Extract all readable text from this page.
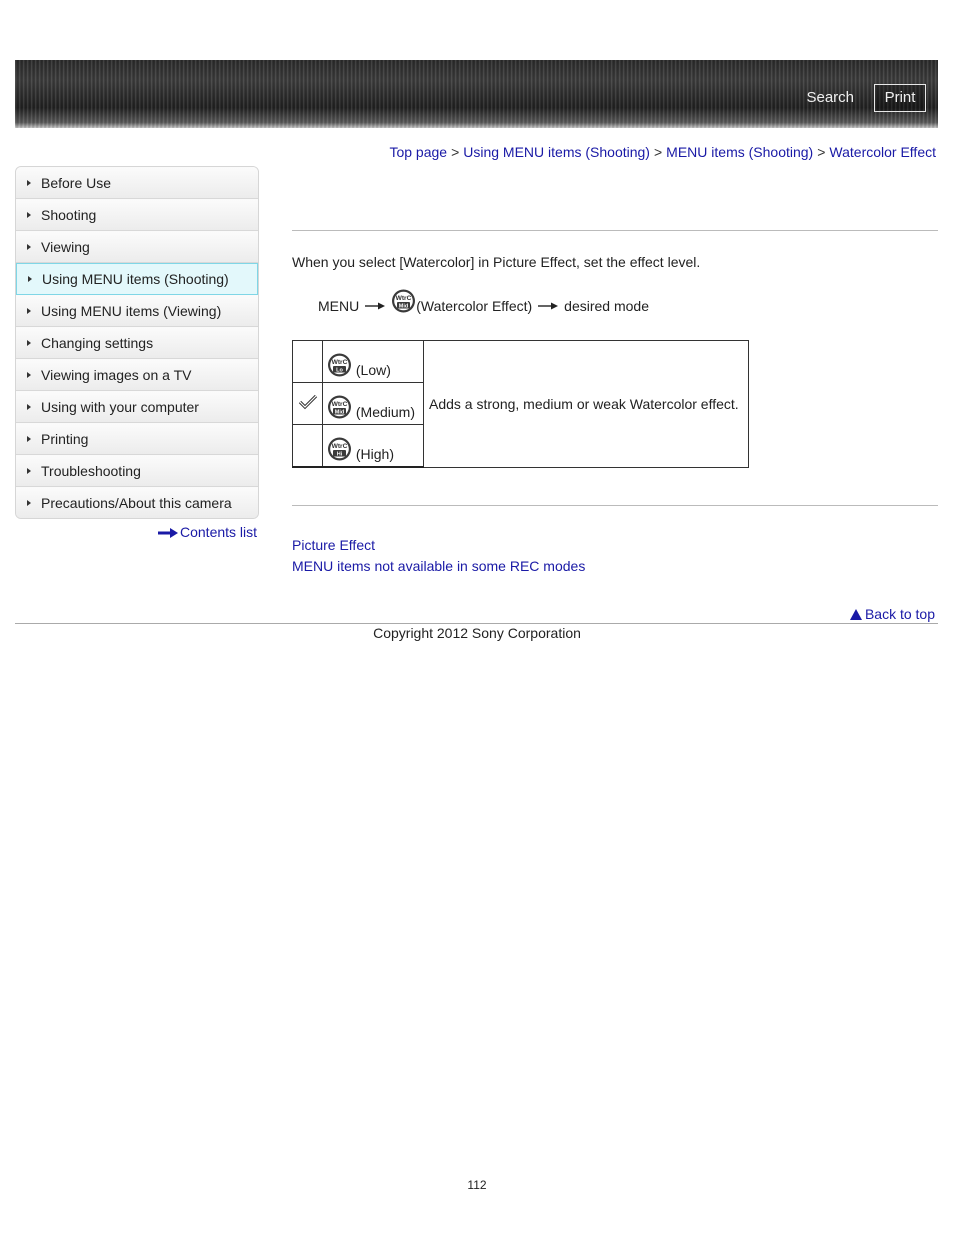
Search	Print
Top page > Using MENU items (Shooting) > MENU items (Shooting) > Watercolor Effect
Before Use
Shooting
Viewing
Using MENU items (Shooting)
Using MENU items (Viewing)
Changing settings
Viewing images on a TV
Using with your computer
Printing
Troubleshooting
Precautions/About this camera
Contents list
When you select [Watercolor] in Picture Effect, set the effect level.
MENU	WtrC
Mid (Watercolor Effect) desired mode

WtrC
Lo (Low)	Adds a strong, medium or weak Watercolor effect.

WtrC
Mid (Medium)	

WtrC
Hi (High)	
Picture Effect
MENU items not available in some REC modes
Back to top
Copyright 2012 Sony Corporation
112
